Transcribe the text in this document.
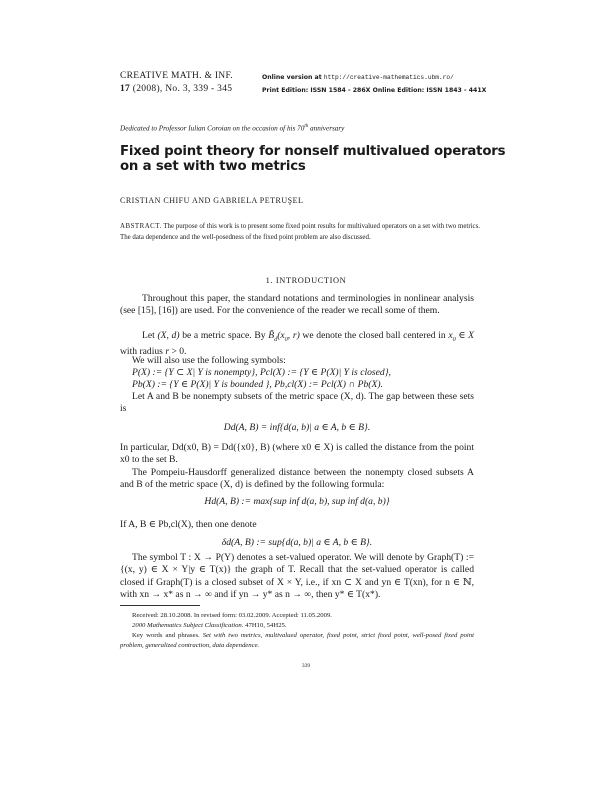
CREATIVE MATH. & INF.
17 (2008), No. 3, 339 - 345
Online version at http://creative-mathematics.ubm.ro/
Print Edition: ISSN 1584 - 286X Online Edition: ISSN 1843 - 441X
Dedicated to Professor Iulian Coroian on the occasion of his 70th anniversary
Fixed point theory for nonself multivalued operators
on a set with two metrics
CRISTIAN CHIFU AND GABRIELA PETRUŞEL
ABSTRACT. The purpose of this work is to present some fixed point results for multivalued operators on a set with two metrics. The data dependence and the well-posedness of the fixed point problem are also discussed.
1. INTRODUCTION
Throughout this paper, the standard notations and terminologies in nonlinear analysis (see [15], [16]) are used. For the convenience of the reader we recall some of them.
Let (X, d) be a metric space. By $B̃_d(x_0$, r) we denote the closed ball centered in $x_0$ ∈ X with radius r > 0.
We will also use the following symbols:
P(X) := {Y ⊂ X| Y is nonempty}, Pcl(X) := {Y ∈ P(X)| Y is closed},
Pb(X) := {Y ∈ P(X)| Y is bounded }, Pb,cl(X) := Pcl(X) ∩ Pb(X).
Let A and B be nonempty subsets of the metric space (X, d). The gap between these sets is
Dd(A, B) = inf{d(a, b)| a ∈ A, b ∈ B}.
In particular, Dd(x0, B) = Dd({x0}, B) (where x0 ∈ X) is called the distance from the point x0 to the set B.
The Pompeiu-Hausdorff generalized distance between the nonempty closed subsets A and B of the metric space (X, d) is defined by the following formula:
Hd(A, B) := max{sup inf d(a, b), sup inf d(a, b)}
If A, B ∈ Pb,cl(X), then one denote
δd(A, B) := sup{d(a, b)| a ∈ A, b ∈ B}.
The symbol T : X → P(Y) denotes a set-valued operator. We will denote by Graph(T) := {(x, y) ∈ X × Y|y ∈ T(x)} the graph of T. Recall that the set-valued operator is called closed if Graph(T) is a closed subset of X × Y, i.e., if xn ⊂ X and yn ∈ T(xn), for n ∈ ℕ, with xn → x* as n → ∞ and if yn → y* as n → ∞, then y* ∈ T(x*).
Received: 28.10.2008. In revised form: 03.02.2009. Accepted: 11.05.2009.
2000 Mathematics Subject Classification. 47H10, 54H25.
Key words and phrases. Set with two metrics, multivalued operator, fixed point, strict fixed point, well-posed fixed point problem, generalized contraction, data dependence.
339
